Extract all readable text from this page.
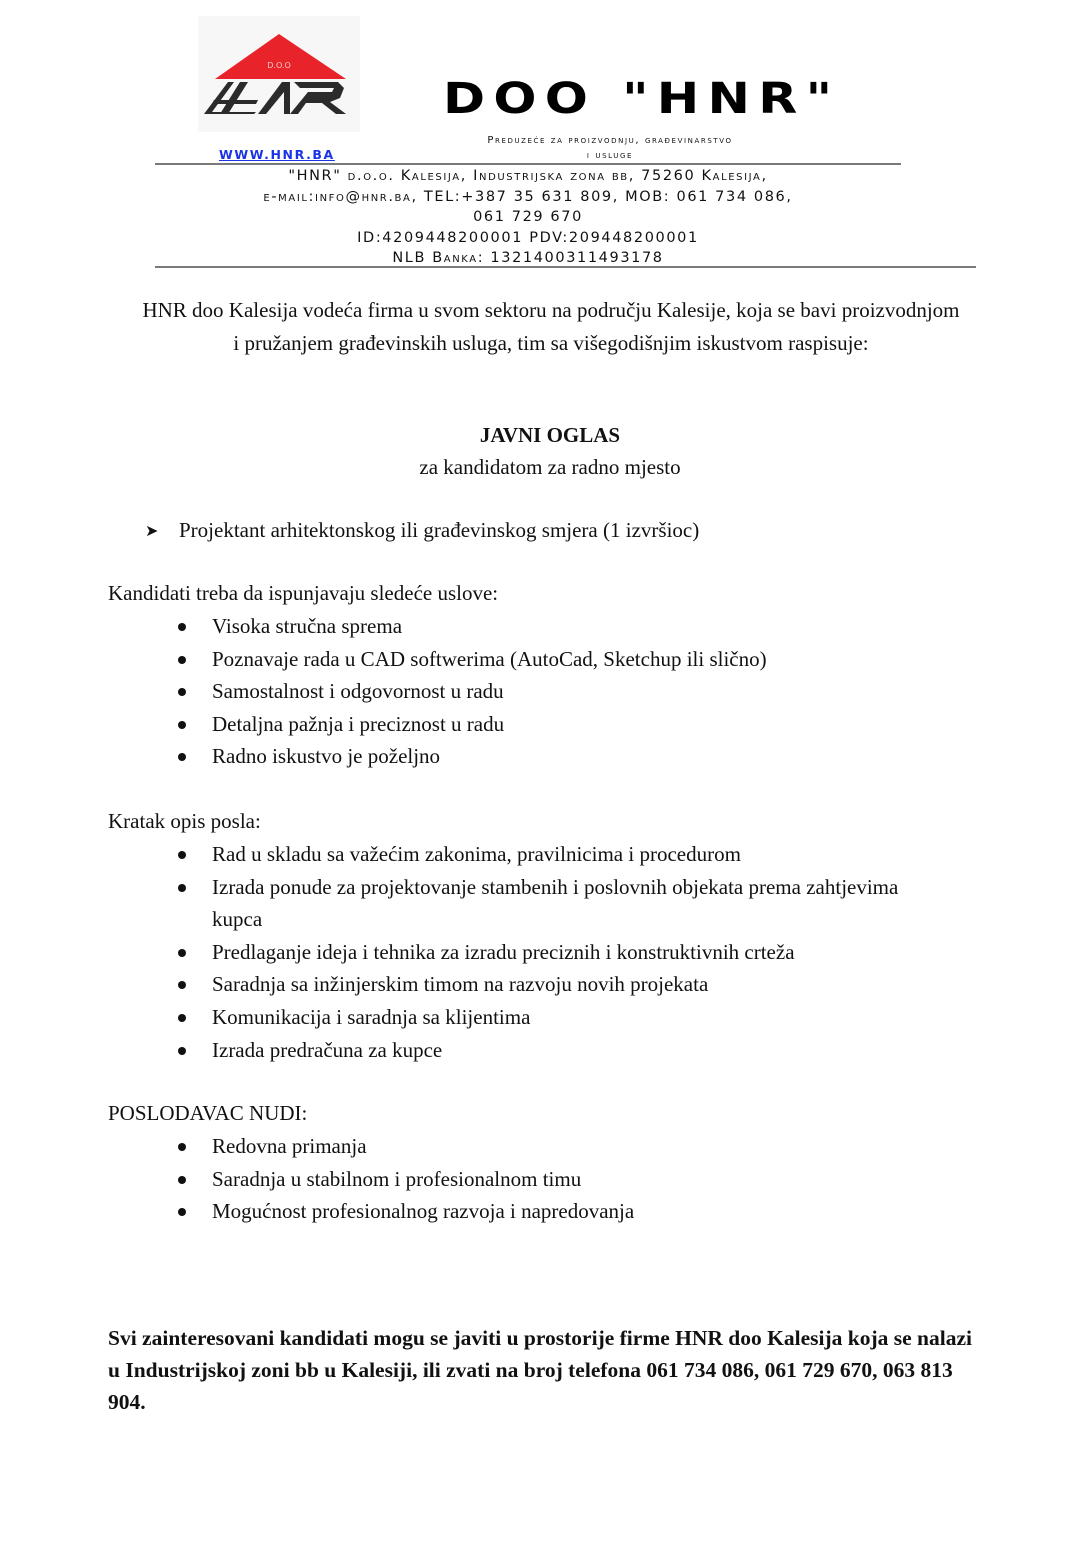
D.O.O
DOO "HNR"
Preduzeće za proizvodnju, građevinarstvo
i usluge
WWW.HNR.BA
"HNR" d.o.o. Kalesija, Industrijska zona bb, 75260 Kalesija,
e-mail:info@hnr.ba, TEL:+387 35 631 809, MOB: 061 734 086,
061 729 670
ID:4209448200001 PDV:209448200001
NLB Banka: 1321400311493178
HNR doo Kalesija vodeća firma u svom sektoru na području Kalesije, koja se bavi proizvodnjom i pružanjem građevinskih usluga, tim sa višegodišnjim iskustvom raspisuje:
JAVNI OGLAS
za kandidatom za radno mjesto
➤ Projektant arhitektonskog ili građevinskog smjera (1 izvršioc)
Kandidati treba da ispunjavaju sledeće uslove:
Visoka stručna sprema
Poznavaje rada u CAD softwerima (AutoCad, Sketchup ili slično)
Samostalnost i odgovornost u radu
Detaljna pažnja i preciznost u radu
Radno iskustvo je poželjno
Kratak opis posla:
Rad u skladu sa važećim zakonima, pravilnicima i procedurom
Izrada ponude za projektovanje stambenih i poslovnih objekata prema zahtjevima kupca
Predlaganje ideja i tehnika za izradu preciznih i konstruktivnih crteža
Saradnja sa inžinjerskim timom na razvoju novih projekata
Komunikacija i saradnja sa klijentima
Izrada predračuna za kupce
POSLODAVAC NUDI:
Redovna primanja
Saradnja u stabilnom i profesionalnom timu
Mogućnost profesionalnog razvoja i napredovanja
Svi zainteresovani kandidati mogu se javiti u prostorije firme HNR doo Kalesija koja se nalazi u Industrijskoj zoni bb u Kalesiji, ili zvati na broj telefona 061 734 086, 061 729 670, 063 813 904.
